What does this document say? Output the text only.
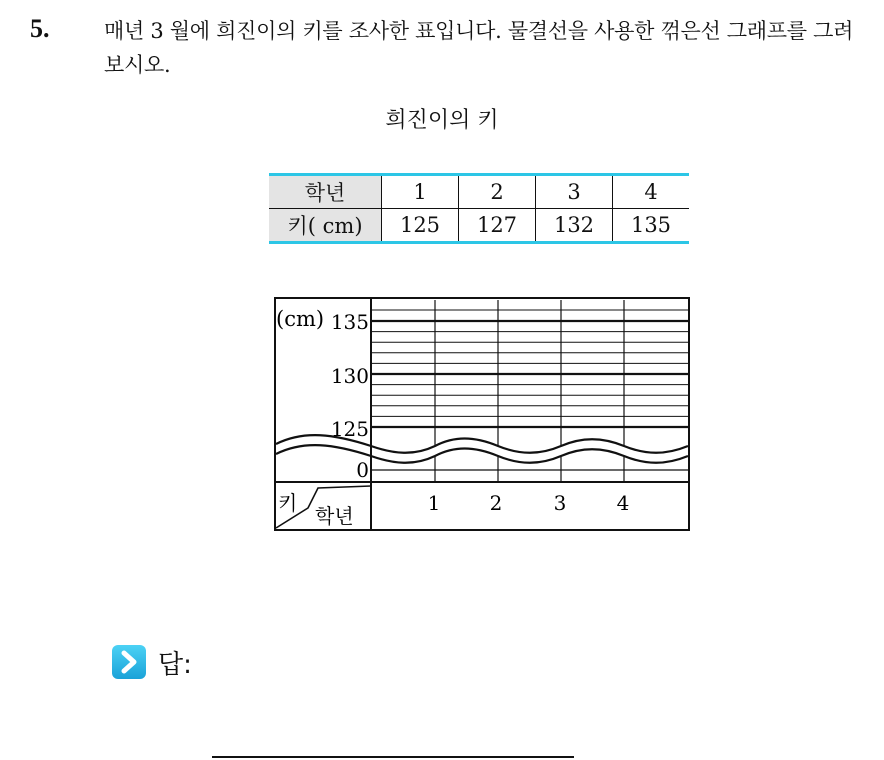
5.	매년 3 월에 희진이의 키를 조사한 표입니다. 물결선을 사용한 꺾은선 그래프를 그려 보시오.
희진이의 키
학년	1	2	3	4
키( cm)	125	127	132	135
(cm) 135
130
125
0
1 2	3	4
키
학년
답:
